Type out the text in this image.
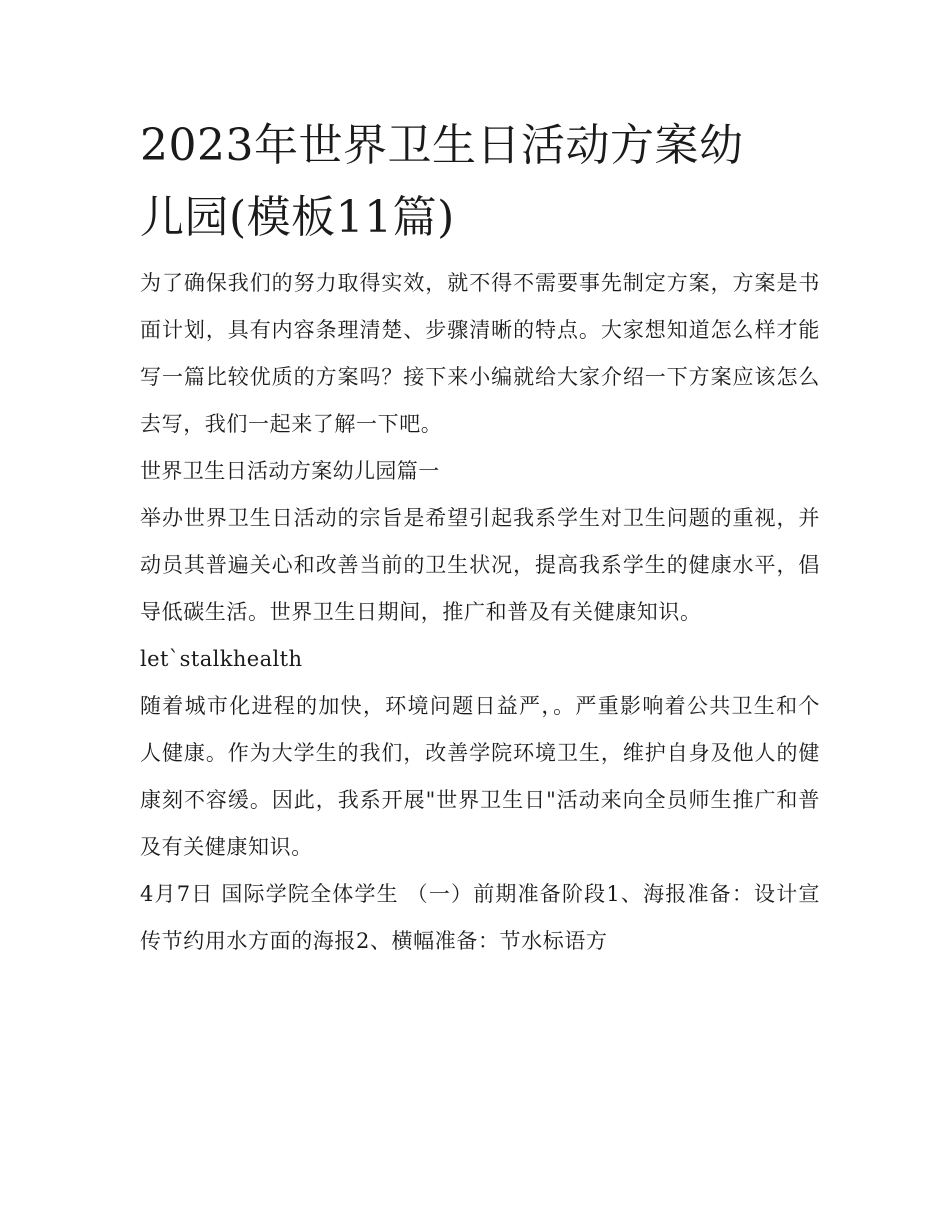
2023年世界卫生日活动方案幼
儿园(模板11篇)

为了确保我们的努力取得实效，就不得不需要事先制定方案，方案是书面计划，具有内容条理清楚、步骤清晰的特点。大家想知道怎么样才能写一篇比较优质的方案吗？接下来小编就给大家介绍一下方案应该怎么去写，我们一起来了解一下吧。

世界卫生日活动方案幼儿园篇一

举办世界卫生日活动的宗旨是希望引起我系学生对卫生问题的重视，并动员其普遍关心和改善当前的卫生状况，提高我系学生的健康水平，倡导低碳生活。世界卫生日期间，推广和普及有关健康知识。

let`stalkhealth

随着城市化进程的加快，环境问题日益严，。严重影响着公共卫生和个人健康。作为大学生的我们，改善学院环境卫生，维护自身及他人的健康刻不容缓。因此，我系开展"世界卫生日"活动来向全员师生推广和普及有关健康知识。

4月7日 国际学院全体学生 （一）前期准备阶段1、海报准备：设计宣传节约用水方面的海报2、横幅准备：节水标语方
